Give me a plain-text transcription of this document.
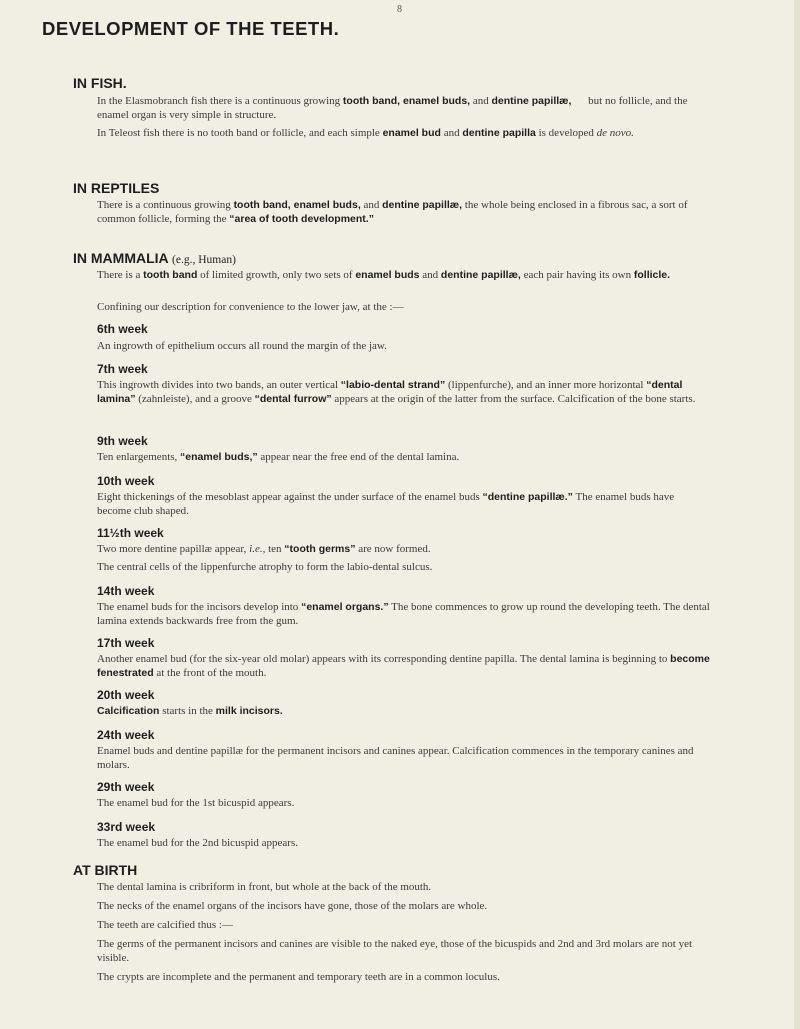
8
DEVELOPMENT OF THE TEETH.
IN FISH.
In the Elasmobranch fish there is a continuous growing tooth band, enamel buds, and dentine papillæ, but no follicle, and the enamel organ is very simple in structure.
In Teleost fish there is no tooth band or follicle, and each simple enamel bud and dentine papilla is developed de novo.
IN REPTILES
There is a continuous growing tooth band, enamel buds, and dentine papillæ, the whole being enclosed in a fibrous sac, a sort of common follicle, forming the “area of tooth development.”
IN MAMMALIA (e.g., Human)
There is a tooth band of limited growth, only two sets of enamel buds and dentine papillæ, each pair having its own follicle.
Confining our description for convenience to the lower jaw, at the :—
6th week
An ingrowth of epithelium occurs all round the margin of the jaw.
7th week
This ingrowth divides into two bands, an outer vertical “labio-dental strand” (lippenfurche), and an inner more horizontal “dental lamina” (zahnleiste), and a groove “dental furrow” appears at the origin of the latter from the surface. Calcification of the bone starts.
9th week
Ten enlargements, “enamel buds,” appear near the free end of the dental lamina.
10th week
Eight thickenings of the mesoblast appear against the under surface of the enamel buds “dentine papillæ.” The enamel buds have become club shaped.
11½th week
Two more dentine papillæ appear, i.e., ten “tooth germs” are now formed.
The central cells of the lippenfurche atrophy to form the labio-dental sulcus.
14th week
The enamel buds for the incisors develop into “enamel organs.” The bone commences to grow up round the developing teeth. The dental lamina extends backwards free from the gum.
17th week
Another enamel bud (for the six-year old molar) appears with its corresponding dentine papilla. The dental lamina is beginning to become fenestrated at the front of the mouth.
20th week
Calcification starts in the milk incisors.
24th week
Enamel buds and dentine papillæ for the permanent incisors and canines appear. Calcification commences in the temporary canines and molars.
29th week
The enamel bud for the 1st bicuspid appears.
33rd week
The enamel bud for the 2nd bicuspid appears.
AT BIRTH
The dental lamina is cribriform in front, but whole at the back of the mouth.
The necks of the enamel organs of the incisors have gone, those of the molars are whole.
The teeth are calcified thus :—
The germs of the permanent incisors and canines are visible to the naked eye, those of the bicuspids and 2nd and 3rd molars are not yet visible.
The crypts are incomplete and the permanent and temporary teeth are in a common loculus.
